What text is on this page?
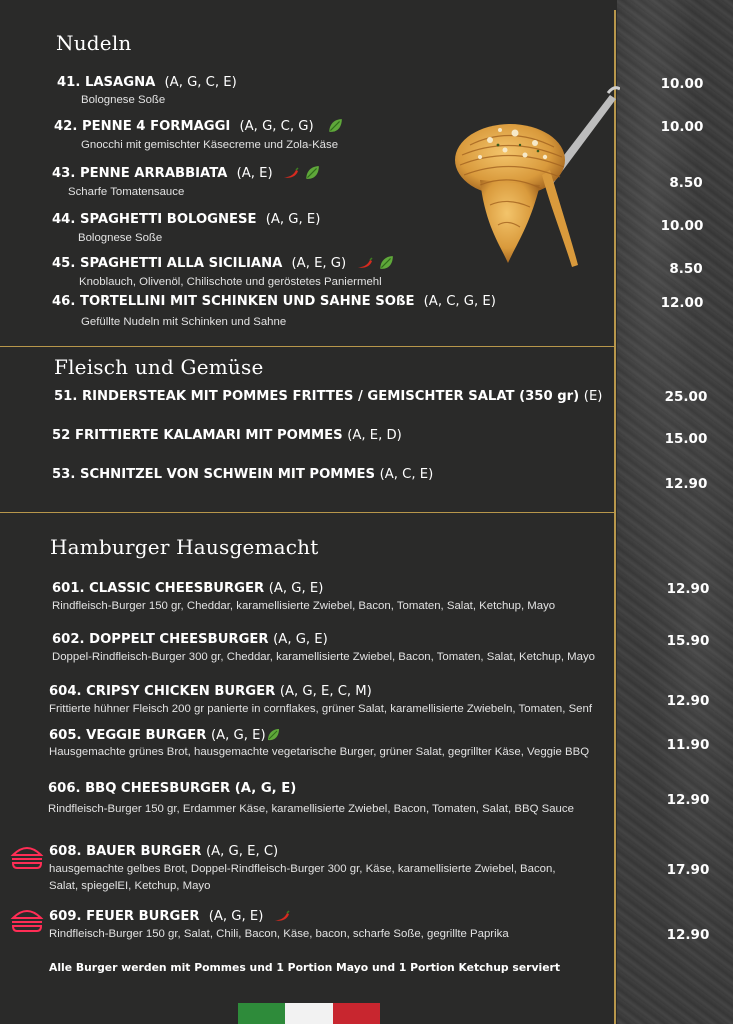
Nudeln
41. LASAGNA (A, G, C, E)
Bolognese Soße
10.00
42. PENNE 4 FORMAGGI (A, G, C, G)
Gnocchi mit gemischter Käsecreme und Zola-Käse
10.00
43. PENNE ARRABBIATA (A, E)
Scharfe Tomatensauce
8.50
44. SPAGHETTI BOLOGNESE (A, G, E)
Bolognese Soße
10.00
45. SPAGHETTI ALLA SICILIANA (A, E, G)
Knoblauch, Olivenöl, Chilischote und geröstetes Paniermehl
8.50
46. TORTELLINI MIT SCHINKEN UND SAHNE SOßE (A, C, G, E)
Gefüllte Nudeln mit Schinken und Sahne
12.00
Fleisch und Gemüse
51. RINDERSTEAK MIT POMMES FRITTES / GEMISCHTER SALAT (350 gr) (E)	25.00
52 FRITTIERTE KALAMARI MIT POMMES (A, E, D)	15.00
53. SCHNITZEL VON SCHWEIN MIT POMMES (A, C, E)
12.90
Hamburger Hausgemacht
601. CLASSIC CHEESBURGER (A, G, E)
Rindfleisch-Burger 150 gr, Cheddar, karamellisierte Zwiebel, Bacon, Tomaten, Salat, Ketchup, Mayo
12.90
602. DOPPELT CHEESBURGER (A, G, E)
Doppel-Rindfleisch-Burger 300 gr, Cheddar, karamellisierte Zwiebel, Bacon, Tomaten, Salat, Ketchup, Mayo
15.90
604. CRIPSY CHICKEN BURGER (A, G, E, C, M)
Frittierte hühner Fleisch 200 gr panierte in cornflakes, grüner Salat, karamellisierte Zwiebeln, Tomaten, Senf	12.90
605. VEGGIE BURGER (A, G, E)
Hausgemachte grünes Brot, hausgemachte vegetarische Burger, grüner Salat, gegrillter Käse, Veggie BBQ	11.90
606. BBQ CHEESBURGER (A, G, E)
Rindfleisch-Burger 150 gr, Erdammer Käse, karamellisierte Zwiebel, Bacon, Tomaten, Salat, BBQ Sauce
12.90
608. BAUER BURGER (A, G, E, C)
hausgemachte gelbes Brot, Doppel-Rindfleisch-Burger 300 gr, Käse, karamellisierte Zwiebel, Bacon,
Salat, spiegelEI, Ketchup, Mayo
17.90
609. FEUER BURGER (A, G, E)
Rindfleisch-Burger 150 gr, Salat, Chili, Bacon, Käse, bacon, scharfe Soße, gegrillte Paprika	12.90
Alle Burger werden mit Pommes und 1 Portion Mayo und 1 Portion Ketchup serviert
